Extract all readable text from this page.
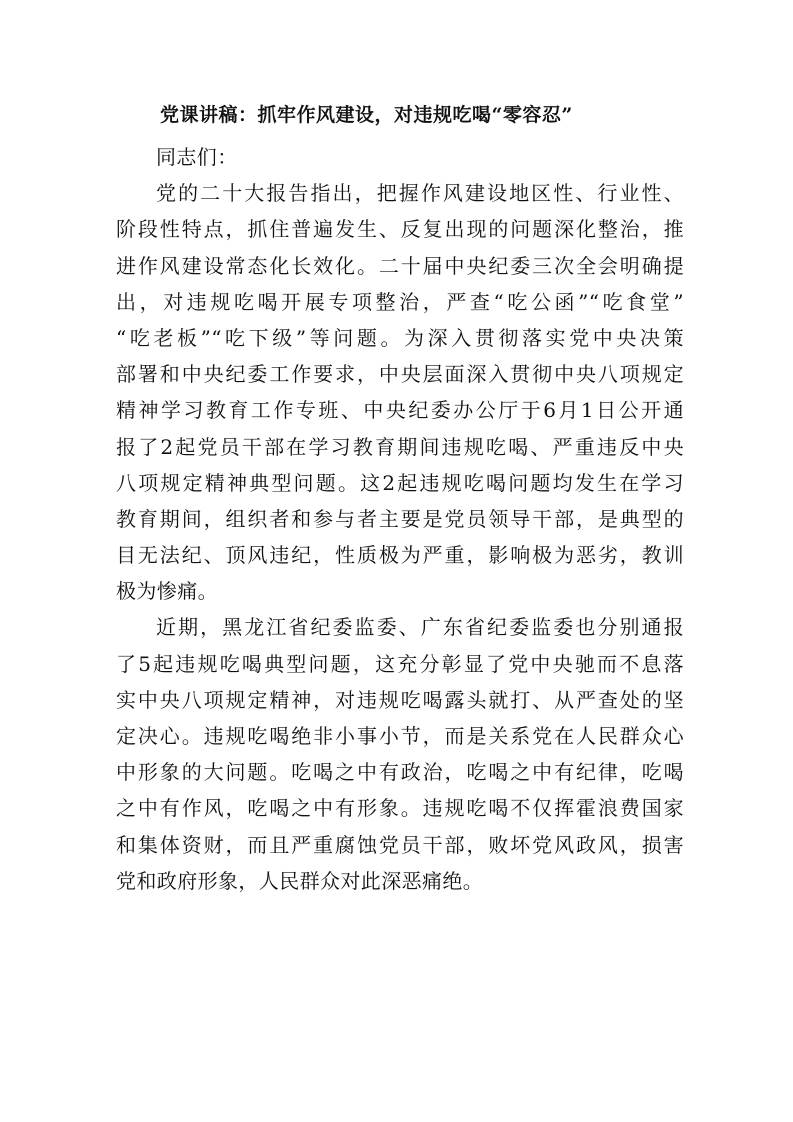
党课讲稿：抓牢作风建设，对违规吃喝“零容忍”
同志们：
党的二十大报告指出，把握作风建设地区性、行业性、
阶段性特点，抓住普遍发生、反复出现的问题深化整治，推
进作风建设常态化长效化。二十届中央纪委三次全会明确提
出，对违规吃喝开展专项整治，严查“吃公函”“吃食堂”
“吃老板”“吃下级”等问题。为深入贯彻落实党中央决策
部署和中央纪委工作要求，中央层面深入贯彻中央八项规定
精神学习教育工作专班、中央纪委办公厅于6月1日公开通
报了2起党员干部在学习教育期间违规吃喝、严重违反中央
八项规定精神典型问题。这2起违规吃喝问题均发生在学习
教育期间，组织者和参与者主要是党员领导干部，是典型的
目无法纪、顶风违纪，性质极为严重，影响极为恶劣，教训
极为惨痛。
近期，黑龙江省纪委监委、广东省纪委监委也分别通报
了5起违规吃喝典型问题，这充分彰显了党中央驰而不息落
实中央八项规定精神，对违规吃喝露头就打、从严查处的坚
定决心。违规吃喝绝非小事小节，而是关系党在人民群众心
中形象的大问题。吃喝之中有政治，吃喝之中有纪律，吃喝
之中有作风，吃喝之中有形象。违规吃喝不仅挥霍浪费国家
和集体资财，而且严重腐蚀党员干部，败坏党风政风，损害
党和政府形象，人民群众对此深恶痛绝。
